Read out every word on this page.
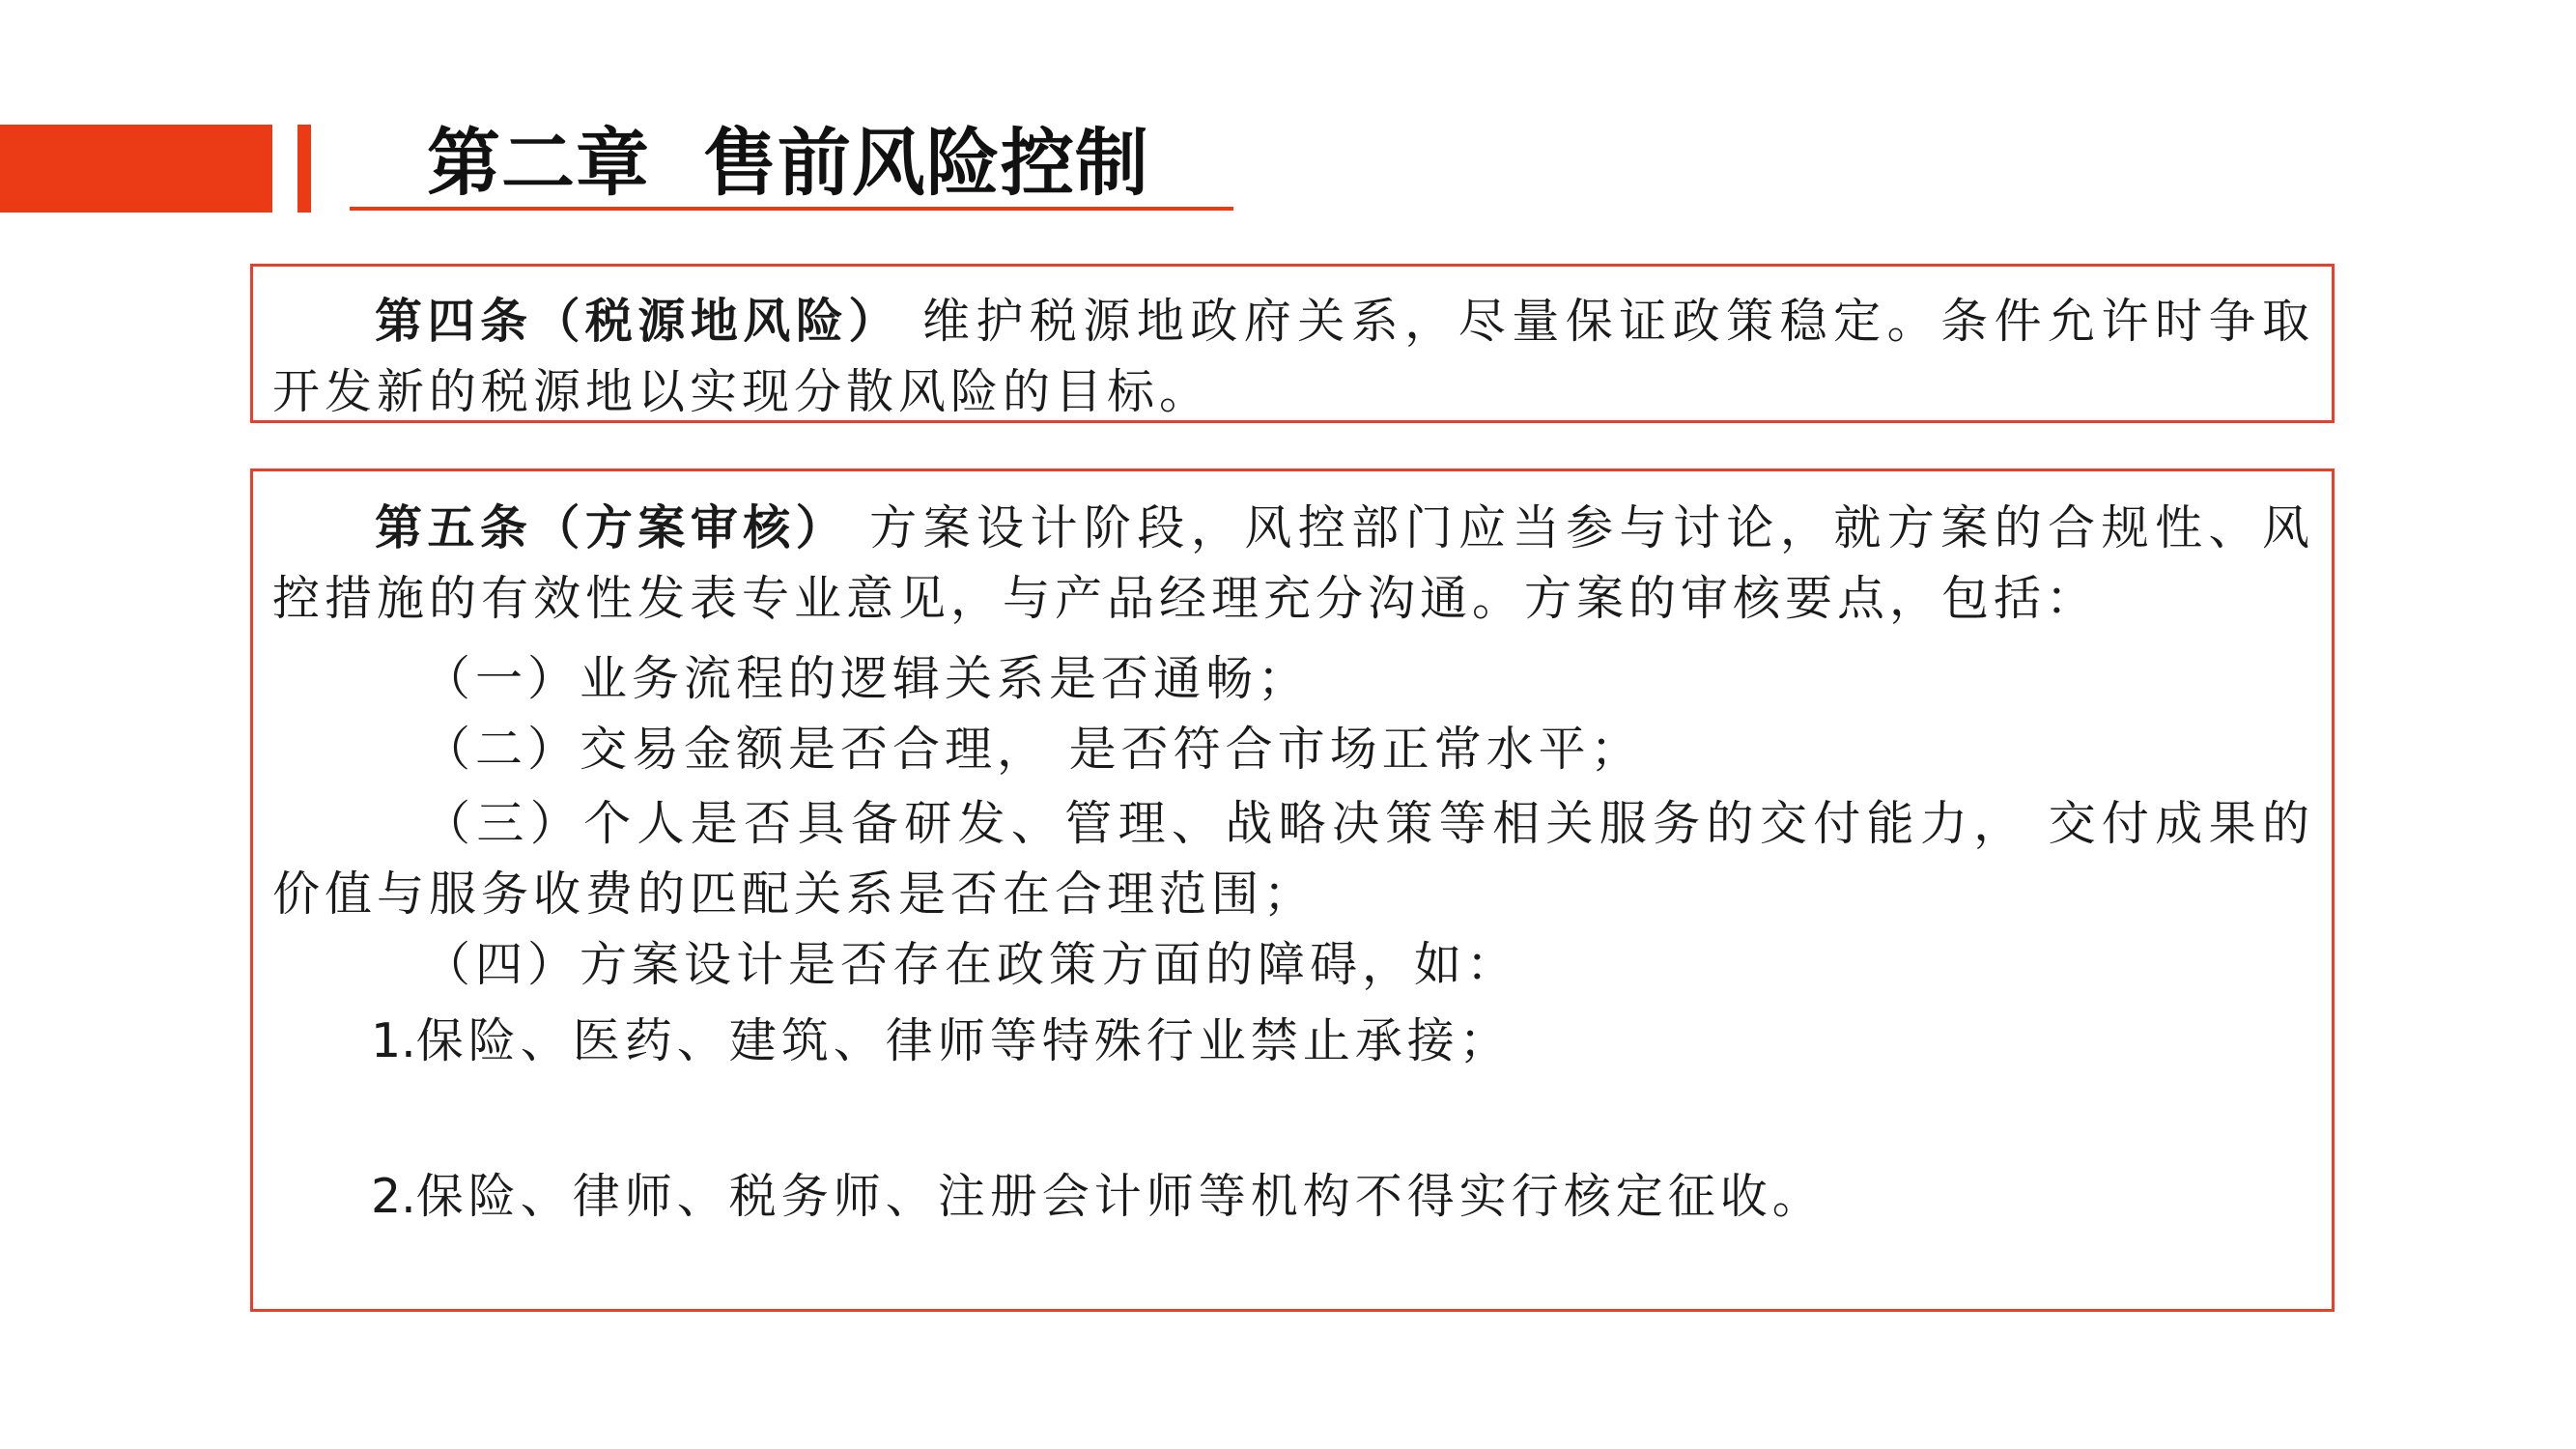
第二章  售前风险控制

第四条（税源地风险） 维护税源地政府关系，尽量保证政策稳定。条件允许时争取开发新的税源地以实现分散风险的目标。

第五条（方案审核） 方案设计阶段，风控部门应当参与讨论，就方案的合规性、风控措施的有效性发表专业意见，与产品经理充分沟通。方案的审核要点，包括：

（一）业务流程的逻辑关系是否通畅；

（二）交易金额是否合理， 是否符合市场正常水平；

（三）个人是否具备研发、管理、战略决策等相关服务的交付能力， 交付成果的价值与服务收费的匹配关系是否在合理范围；

（四）方案设计是否存在政策方面的障碍，如：

1.保险、医药、建筑、律师等特殊行业禁止承接；

2.保险、律师、税务师、注册会计师等机构不得实行核定征收。
